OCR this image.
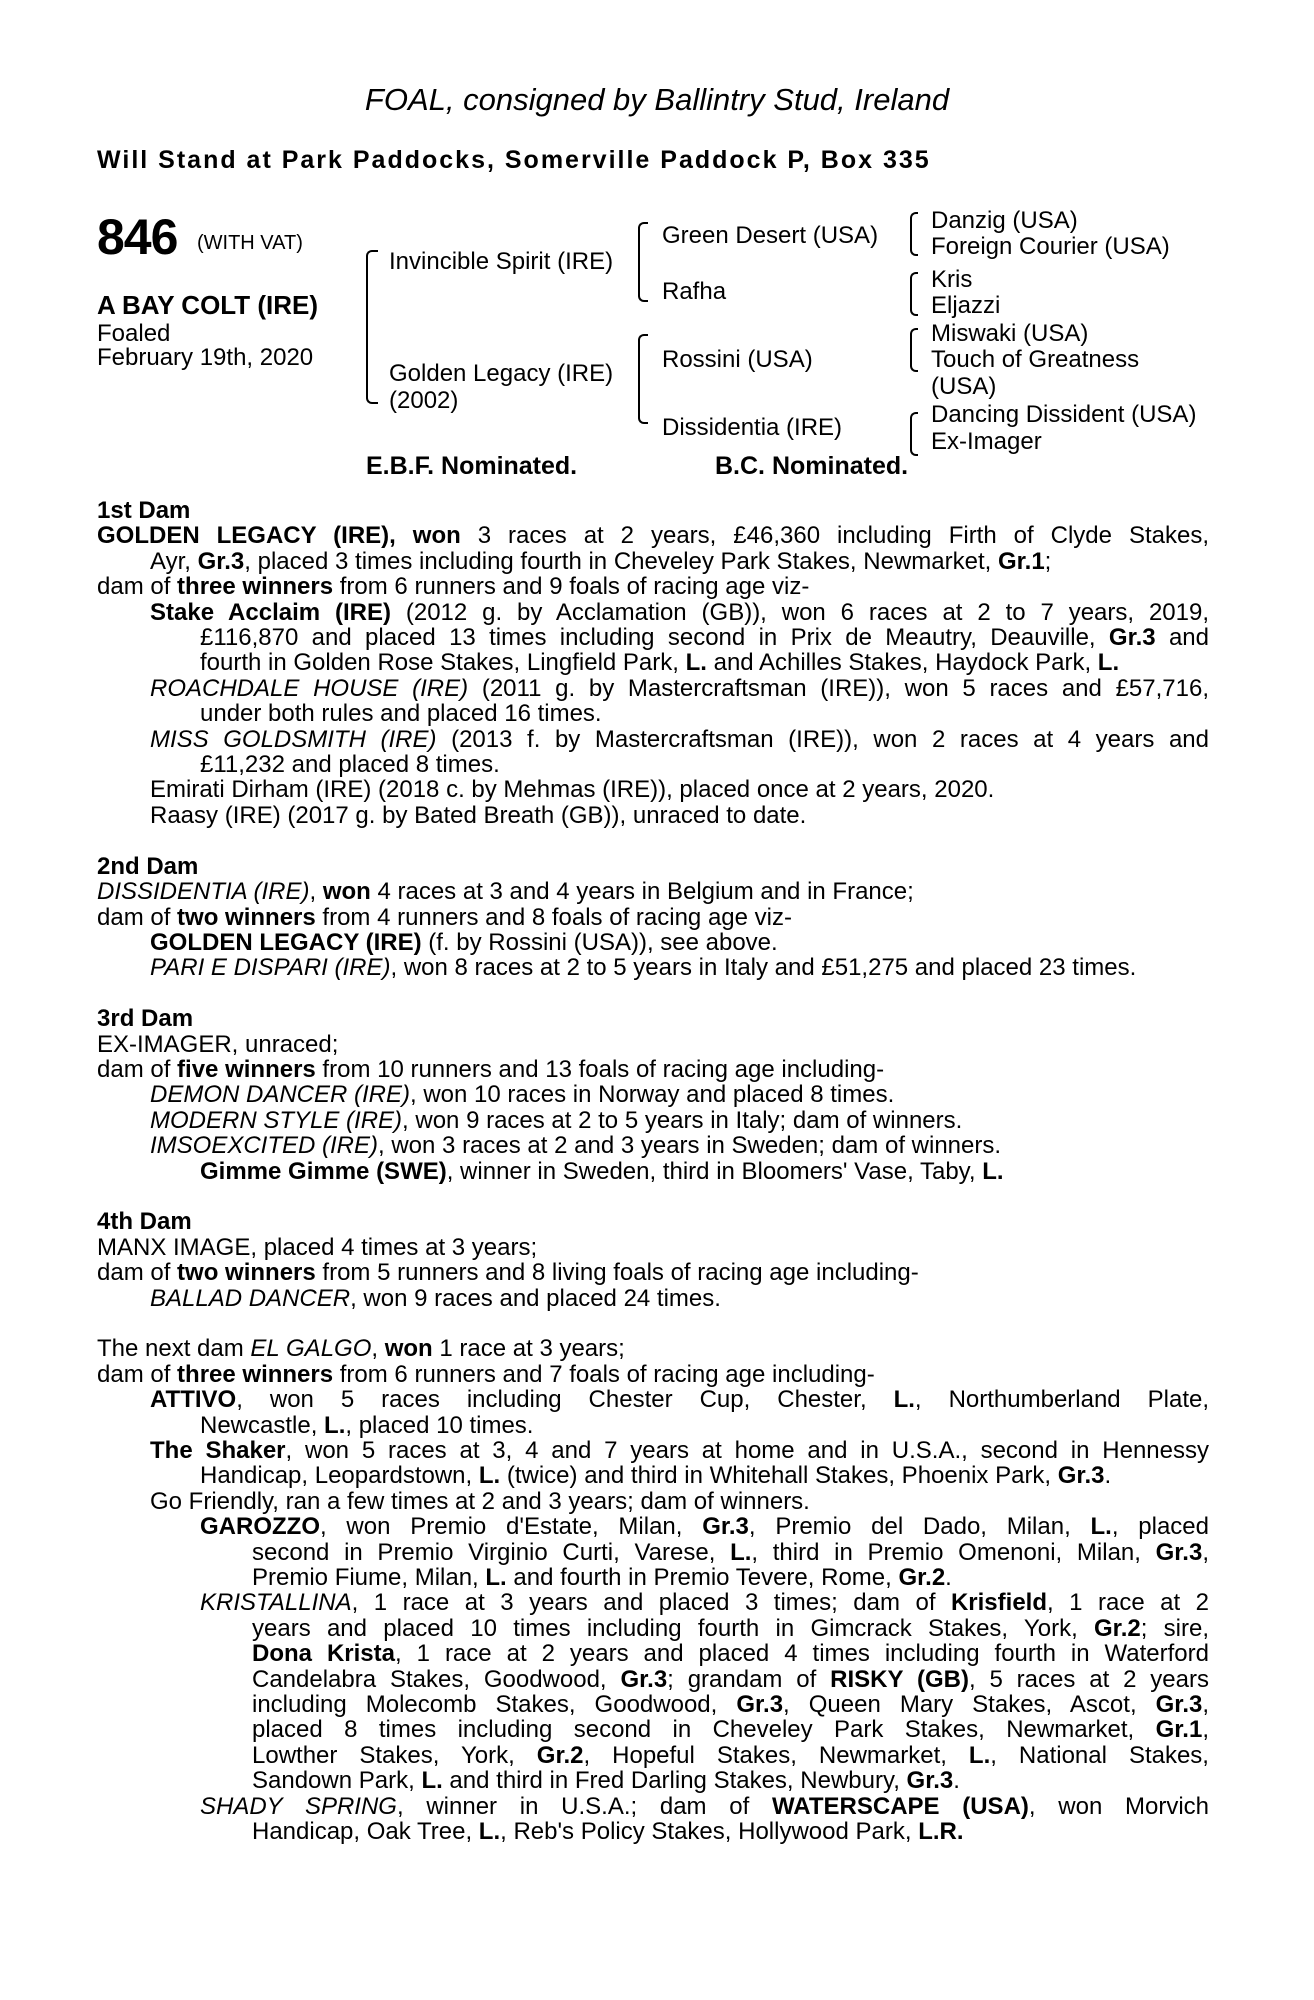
FOAL, consigned by Ballintry Stud, Ireland
Will Stand at Park Paddocks, Somerville Paddock P, Box 335
846 (WITH VAT)
A BAY COLT (IRE)
Foaled
February 19th, 2020
Invincible Spirit (IRE)
Golden Legacy (IRE)
(2002)
Green Desert (USA)
Rafha
Rossini (USA)
Dissidentia (IRE)
Danzig (USA)
Foreign Courier (USA)
Kris
Eljazzi
Miswaki (USA)
Touch of Greatness
(USA)
Dancing Dissident (USA)
Ex-Imager
E.B.F. Nominated.	B.C. Nominated.
1st Dam
GOLDEN LEGACY (IRE), won 3 races at 2 years, £46,360 including Firth of Clyde Stakes,
Ayr, Gr.3, placed 3 times including fourth in Cheveley Park Stakes, Newmarket, Gr.1;
dam of three winners from 6 runners and 9 foals of racing age viz-
Stake Acclaim (IRE) (2012 g. by Acclamation (GB)), won 6 races at 2 to 7 years, 2019,
£116,870 and placed 13 times including second in Prix de Meautry, Deauville, Gr.3 and
fourth in Golden Rose Stakes, Lingfield Park, L. and Achilles Stakes, Haydock Park, L.
ROACHDALE HOUSE (IRE) (2011 g. by Mastercraftsman (IRE)), won 5 races and £57,716,
under both rules and placed 16 times.
MISS GOLDSMITH (IRE) (2013 f. by Mastercraftsman (IRE)), won 2 races at 4 years and
£11,232 and placed 8 times.
Emirati Dirham (IRE) (2018 c. by Mehmas (IRE)), placed once at 2 years, 2020.
Raasy (IRE) (2017 g. by Bated Breath (GB)), unraced to date.
2nd Dam
DISSIDENTIA (IRE), won 4 races at 3 and 4 years in Belgium and in France;
dam of two winners from 4 runners and 8 foals of racing age viz-
GOLDEN LEGACY (IRE) (f. by Rossini (USA)), see above.
PARI E DISPARI (IRE), won 8 races at 2 to 5 years in Italy and £51,275 and placed 23 times.
3rd Dam
EX-IMAGER, unraced;
dam of five winners from 10 runners and 13 foals of racing age including-
DEMON DANCER (IRE), won 10 races in Norway and placed 8 times.
MODERN STYLE (IRE), won 9 races at 2 to 5 years in Italy; dam of winners.
IMSOEXCITED (IRE), won 3 races at 2 and 3 years in Sweden; dam of winners.
Gimme Gimme (SWE), winner in Sweden, third in Bloomers' Vase, Taby, L.
4th Dam
MANX IMAGE, placed 4 times at 3 years;
dam of two winners from 5 runners and 8 living foals of racing age including-
BALLAD DANCER, won 9 races and placed 24 times.
The next dam EL GALGO, won 1 race at 3 years;
dam of three winners from 6 runners and 7 foals of racing age including-
ATTIVO, won 5 races including Chester Cup, Chester, L., Northumberland Plate,
Newcastle, L., placed 10 times.
The Shaker, won 5 races at 3, 4 and 7 years at home and in U.S.A., second in Hennessy
Handicap, Leopardstown, L. (twice) and third in Whitehall Stakes, Phoenix Park, Gr.3.
Go Friendly, ran a few times at 2 and 3 years; dam of winners.
GAROZZO, won Premio d'Estate, Milan, Gr.3, Premio del Dado, Milan, L., placed
second in Premio Virginio Curti, Varese, L., third in Premio Omenoni, Milan, Gr.3,
Premio Fiume, Milan, L. and fourth in Premio Tevere, Rome, Gr.2.
KRISTALLINA, 1 race at 3 years and placed 3 times; dam of Krisfield, 1 race at 2
years and placed 10 times including fourth in Gimcrack Stakes, York, Gr.2; sire,
Dona Krista, 1 race at 2 years and placed 4 times including fourth in Waterford
Candelabra Stakes, Goodwood, Gr.3; grandam of RISKY (GB), 5 races at 2 years
including Molecomb Stakes, Goodwood, Gr.3, Queen Mary Stakes, Ascot, Gr.3,
placed 8 times including second in Cheveley Park Stakes, Newmarket, Gr.1,
Lowther Stakes, York, Gr.2, Hopeful Stakes, Newmarket, L., National Stakes,
Sandown Park, L. and third in Fred Darling Stakes, Newbury, Gr.3.
SHADY SPRING, winner in U.S.A.; dam of WATERSCAPE (USA), won Morvich
Handicap, Oak Tree, L., Reb's Policy Stakes, Hollywood Park, L.R.
